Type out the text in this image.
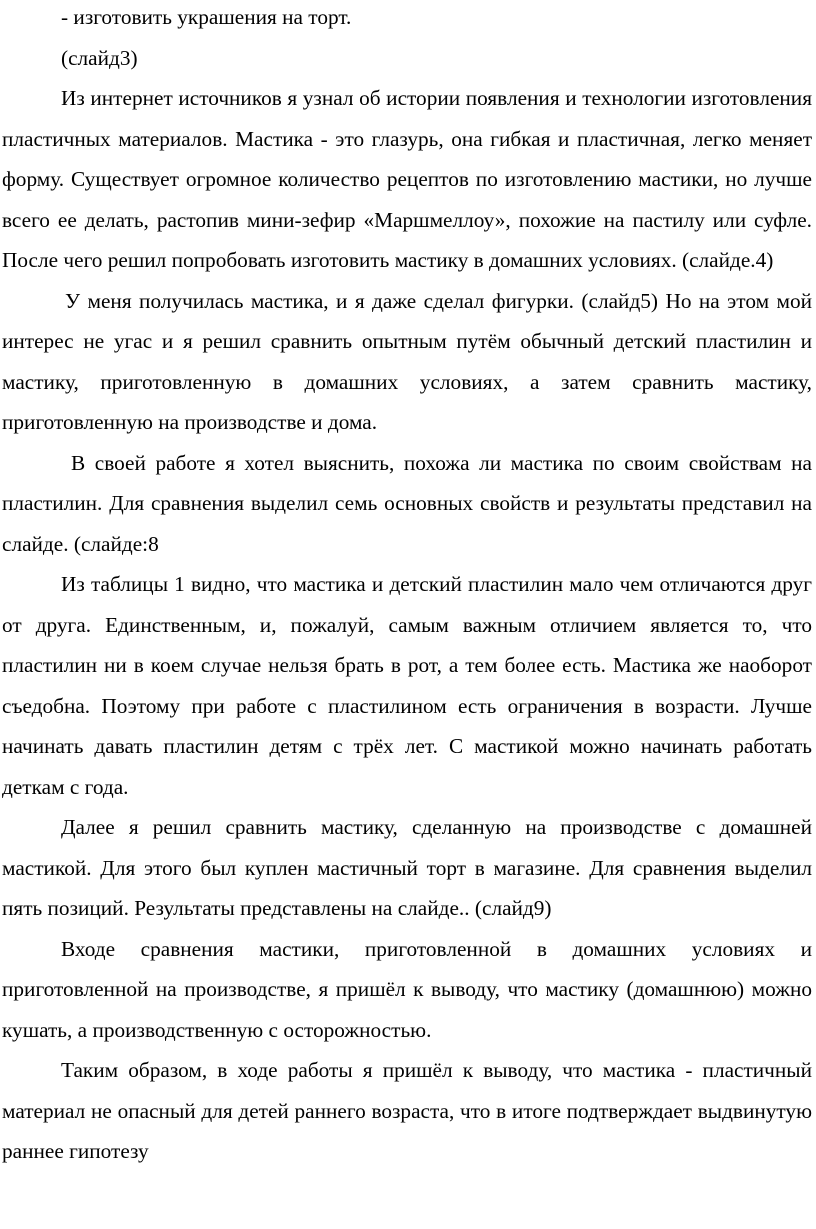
- изготовить украшения на торт.

(слайд3)

Из интернет источников я узнал об истории появления и технологии изготовления пластичных материалов. Мастика - это глазурь, она гибкая и пластичная, легко меняет форму. Существует огромное количество рецептов по изготовлению мастики, но лучше всего ее делать, растопив мини-зефир «Маршмеллоу», похожие на пастилу или суфле. После чего решил попробовать изготовить мастику в домашних условиях. (слайде.4)

У меня получилась мастика, и я даже сделал фигурки. (слайд5) Но на этом мой интерес не угас и я решил сравнить опытным путём обычный детский пластилин и мастику, приготовленную в домашних условиях, а затем сравнить мастику, приготовленную на производстве и дома.

В своей работе я хотел выяснить, похожа ли мастика по своим свойствам на пластилин. Для сравнения выделил семь основных свойств и результаты представил на слайде. (слайде:8

Из таблицы 1 видно, что мастика и детский пластилин мало чем отличаются друг от друга. Единственным, и, пожалуй, самым важным отличием является то, что пластилин ни в коем случае нельзя брать в рот, а тем более есть. Мастика же наоборот съедобна. Поэтому при работе с пластилином есть ограничения в возрасти. Лучше начинать давать пластилин детям с трёх лет. С мастикой можно начинать работать деткам с года.

Далее я решил сравнить мастику, сделанную на производстве с домашней мастикой. Для этого был куплен мастичный торт в магазине. Для сравнения выделил пять позиций. Результаты представлены на слайде.. (слайд9)

Входе сравнения мастики, приготовленной в домашних условиях и приготовленной на производстве, я пришёл к выводу, что мастику (домашнюю) можно кушать, а производственную с осторожностью.

Таким образом, в ходе работы я пришёл к выводу, что мастика - пластичный материал не опасный для детей раннего возраста, что в итоге подтверждает выдвинутую раннее гипотезу
